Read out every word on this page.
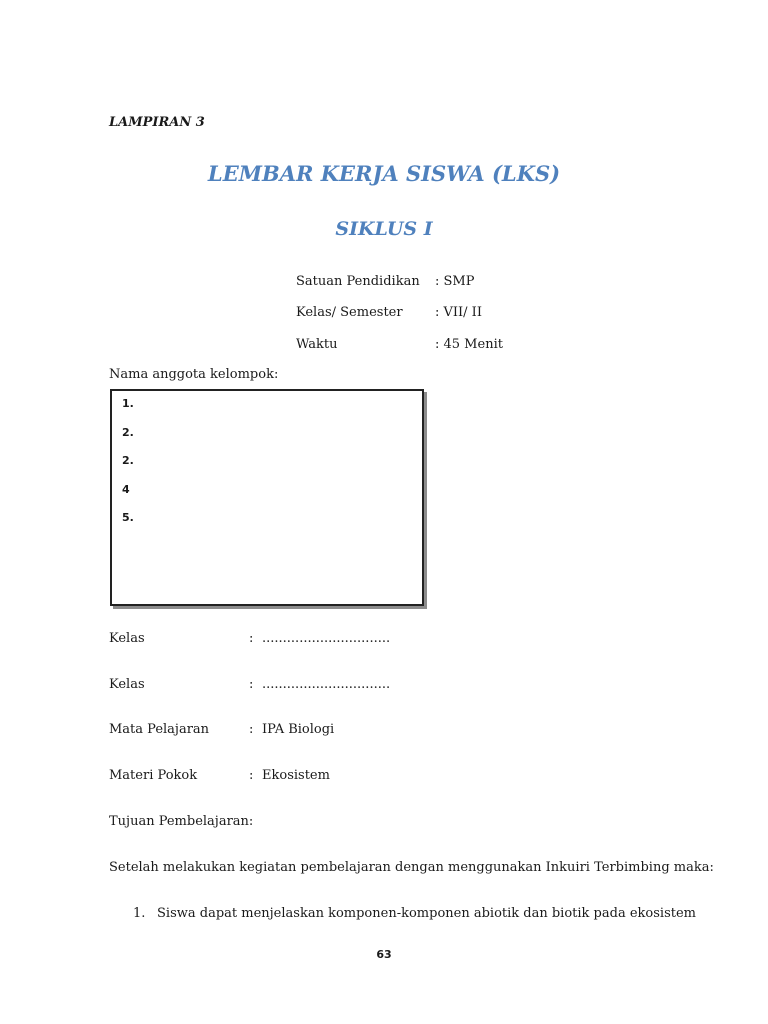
LAMPIRAN 3
LEMBAR KERJA SISWA (LKS)
SIKLUS I
Satuan Pendidikan : SMP
Kelas/ Semester : VII/ II
Waktu	: 45 Menit
Nama anggota kelompok:
1.
2.
2.
4
5.
Kelas	: ...............................
Kelas	: ...............................
Mata Pelajaran	: IPA Biologi
Materi Pokok	: Ekosistem
Tujuan Pembelajaran:
Setelah melakukan kegiatan pembelajaran dengan menggunakan Inkuiri Terbimbing maka:
1. Siswa dapat menjelaskan komponen-komponen abiotik dan biotik pada ekosistem
63
